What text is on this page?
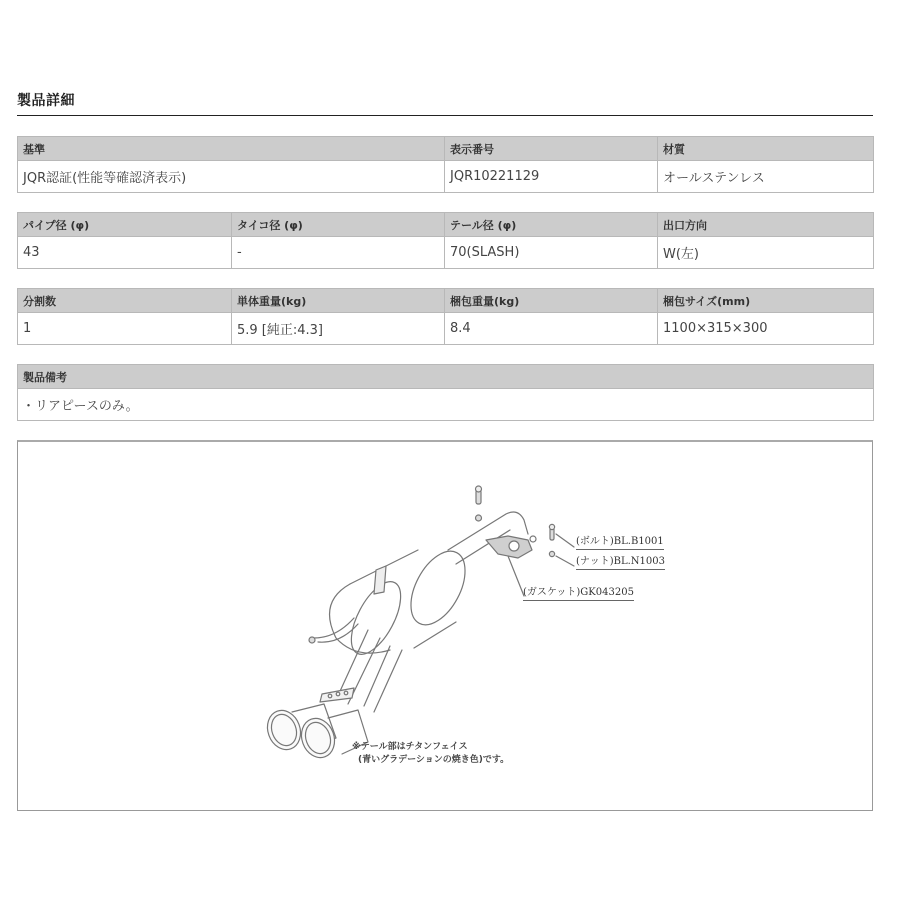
製品詳細
基準	表示番号	材質
JQR認証(性能等確認済表示)	JQR10221129	オールステンレス
パイプ径 (φ)	タイコ径 (φ)	テール径 (φ)	出口方向
43	-	70(SLASH)	W(左)
分割数	単体重量(kg)	梱包重量(kg)	梱包サイズ(mm)
1	5.9 [純正:4.3]	8.4	1100×315×300
製品備考
・リアピースのみ。
(ボルト)BL.B1001
(ナット)BL.N1003
(ガスケット)GK043205
※テール部はチタンフェイス
(青いグラデーションの焼き色)です。
